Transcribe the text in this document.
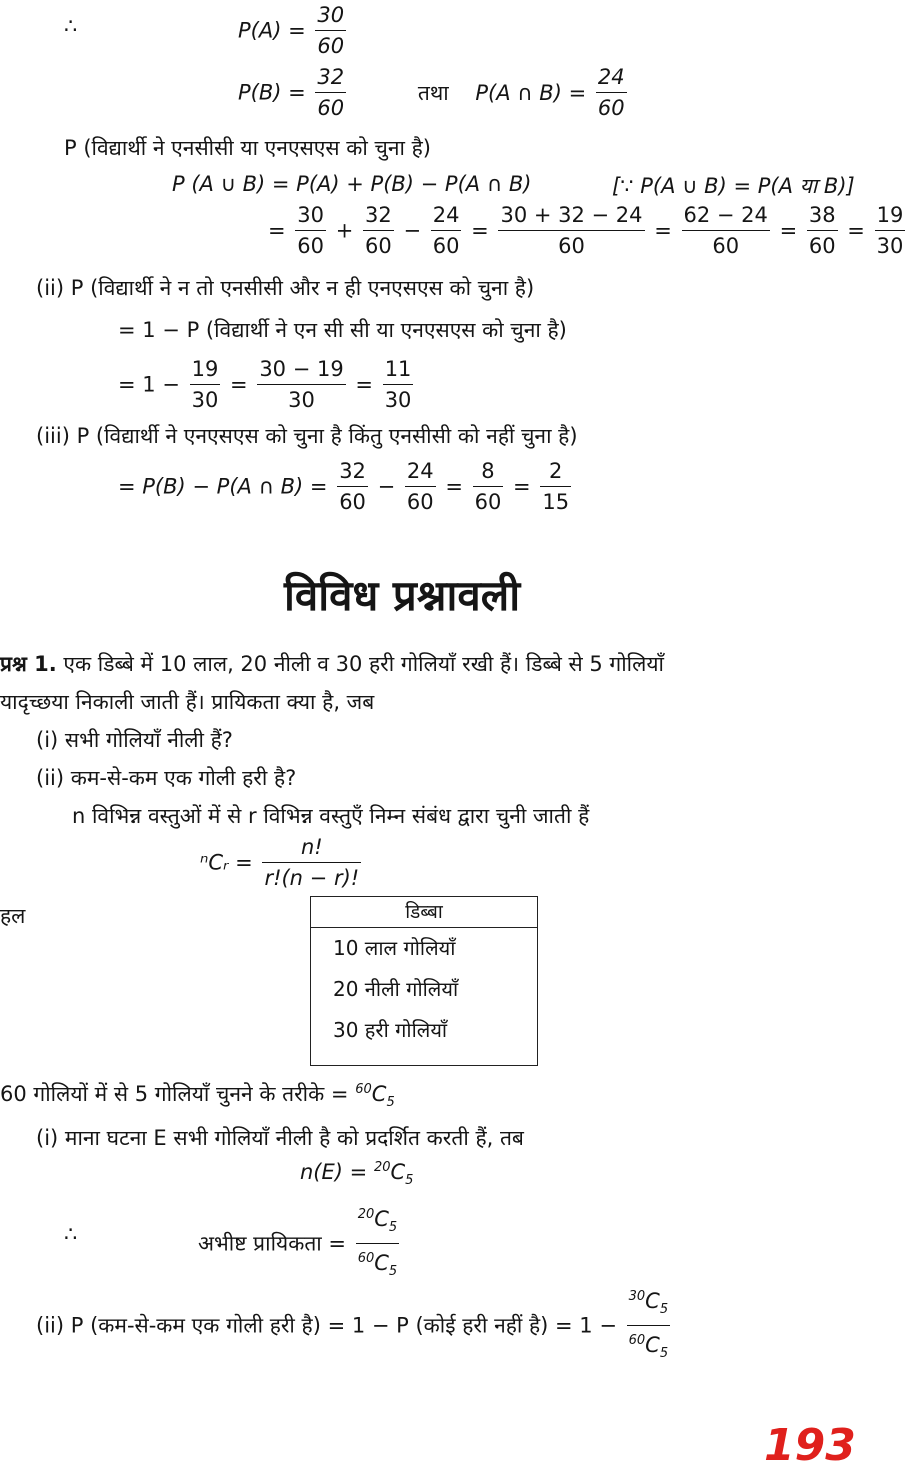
∴	$P(A) = \frac{30}{60}$
$P(B) = \frac{32}{60}$	तथा P(A ∩ $B) = \frac{24}{60}$
P (विद्यार्थी ने एनसीसी या एनएसएस को चुना है)
P (A ∪ B) = P(A) + P(B) − P(A ∩ B)	[∵ P(A ∪ B) = P(A या B)]
= $\frac{30}{60} + \frac{32}{60} - \frac{24}{60} = \frac{30 + 32 - 24}{60} = \frac{62 - 24}{60} = \frac{38}{60} = \frac{19}{30}$
(ii) P (विद्यार्थी ने न तो एनसीसी और न ही एनएसएस को चुना है)
= 1 − P (विद्यार्थी ने एन सी सी या एनएसएस को चुना है)
= $1 - \frac{19}{30} = \frac{30 - 19}{30} = \frac{11}{30}$
(iii) P (विद्यार्थी ने एनएसएस को चुना है किंतु एनसीसी को नहीं चुना है)
= P(B) − P(A ∩ $B) = \frac{32}{60} - \frac{24}{60} = \frac{8}{60} = \frac{2}{15}$
विविध प्रश्नावली
प्रश्न 1. एक डिब्बे में 10 लाल, 20 नीली व 30 हरी गोलियाँ रखी हैं। डिब्बे से 5 गोलियाँ
यादृच्छया निकाली जाती हैं। प्रायिकता क्या है, जब
(i) सभी गोलियाँ नीली हैं?
(ii) कम-से-कम एक गोली हरी है?
n विभिन्न वस्तुओं में से r विभिन्न वस्तुएँ निम्न संबंध द्वारा चुनी जाती हैं
ⁿCᵣ = $\frac{n!}{r!(n - r)!}$
हल	डिब्बा
10 लाल गोलियाँ
20 नीली गोलियाँ
30 हरी गोलियाँ
60 गोलियों में से 5 गोलियाँ चुनने के तरीके = $^{60}C_5$
(i) माना घटना E सभी गोलियाँ नीली है को प्रदर्शित करती हैं, तब
$n(E) = ^{20}C_5$
∴	अभीष्ट प्रायिकता = $\frac{^{20}C_5}{^{60}C_5}$
(ii) P (कम-से-कम एक गोली हरी है) = 1 − P (कोई हरी नहीं है) = $1 - \frac{^{30}C_5}{^{60}C_5}$
193
